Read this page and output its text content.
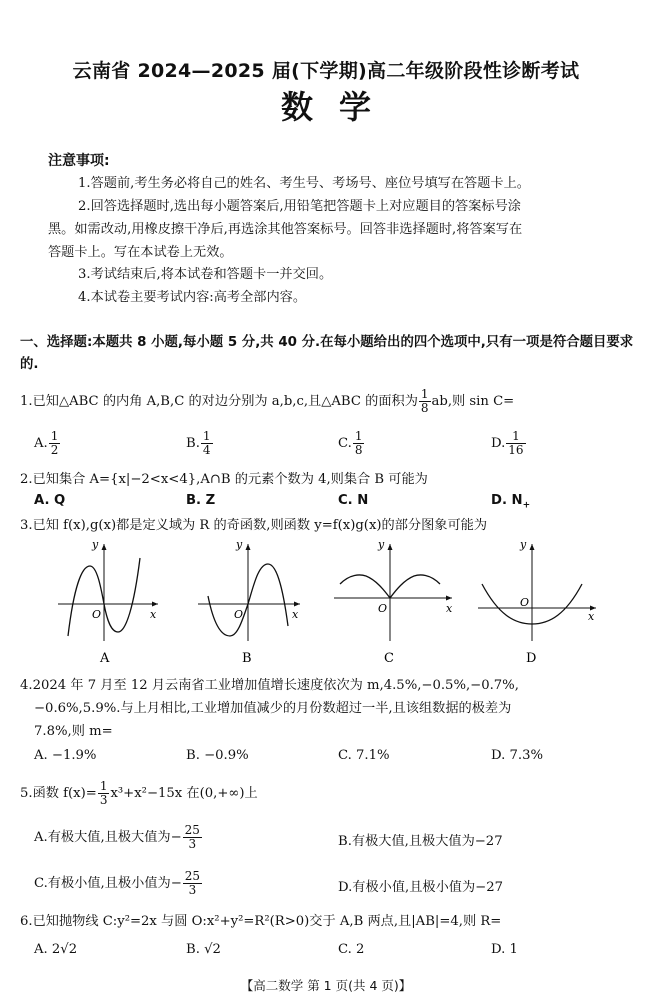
云南省 2024—2025 届(下学期)高二年级阶段性诊断考试
数学
注意事项:
1.答题前,考生务必将自己的姓名、考生号、考场号、座位号填写在答题卡上。
2.回答选择题时,选出每小题答案后,用铅笔把答题卡上对应题目的答案标号涂
黑。如需改动,用橡皮擦干净后,再选涂其他答案标号。回答非选择题时,将答案写在
答题卡上。写在本试卷上无效。
3.考试结束后,将本试卷和答题卡一并交回。
4.本试卷主要考试内容:高考全部内容。
一、选择题:本题共 8 小题,每小题 5 分,共 40 分.在每小题给出的四个选项中,只有一项是符合题目要求的.
1.已知△ABC 的内角 A,B,C 的对边分别为 a,b,c,且△ABC 的面积为 $\frac{1}{8}$ ab,则 sin C=
A. $\frac{1}{2}$	B. $\frac{1}{4}$	C. $\frac{1}{8}$	D. $\frac{1}{16}$
2.已知集合 A={x|−2<x<4},A∩B 的元素个数为 4,则集合 B 可能为
A. Q	B. Z	C. N	D. $N_+$
3.已知 f(x),g(x)都是定义域为 R 的奇函数,则函数 y=f(x)g(x)的部分图象可能为
y
x
O
A
y
x
O
B
y
x
O
C
y
x
O
D
4.2024 年 7 月至 12 月云南省工业增加值增长速度依次为 m,4.5%,−0.5%,−0.7%,
−0.6%,5.9%.与上月相比,工业增加值减少的月份数超过一半,且该组数据的极差为
7.8%,则 m=
A. −1.9%	B. −0.9%	C. 7.1%	D. 7.3%
5.函数 $f(x)= \frac{1}{3} x^3+x^2-15x$ 在(0,+∞)上
A.有极大值,且极大值为− $\frac{25}{3}$	B.有极大值,且极大值为−27
C.有极小值,且极小值为− $\frac{25}{3}$	D.有极小值,且极小值为−27
6.已知抛物线 C:y²=2x 与圆 O:x²+y²=R²(R>0)交于 A,B 两点,且|AB|=4,则 R=
A. 2√2	B. √2	C. 2	D. 1
【高二数学 第 1 页(共 4 页)】
